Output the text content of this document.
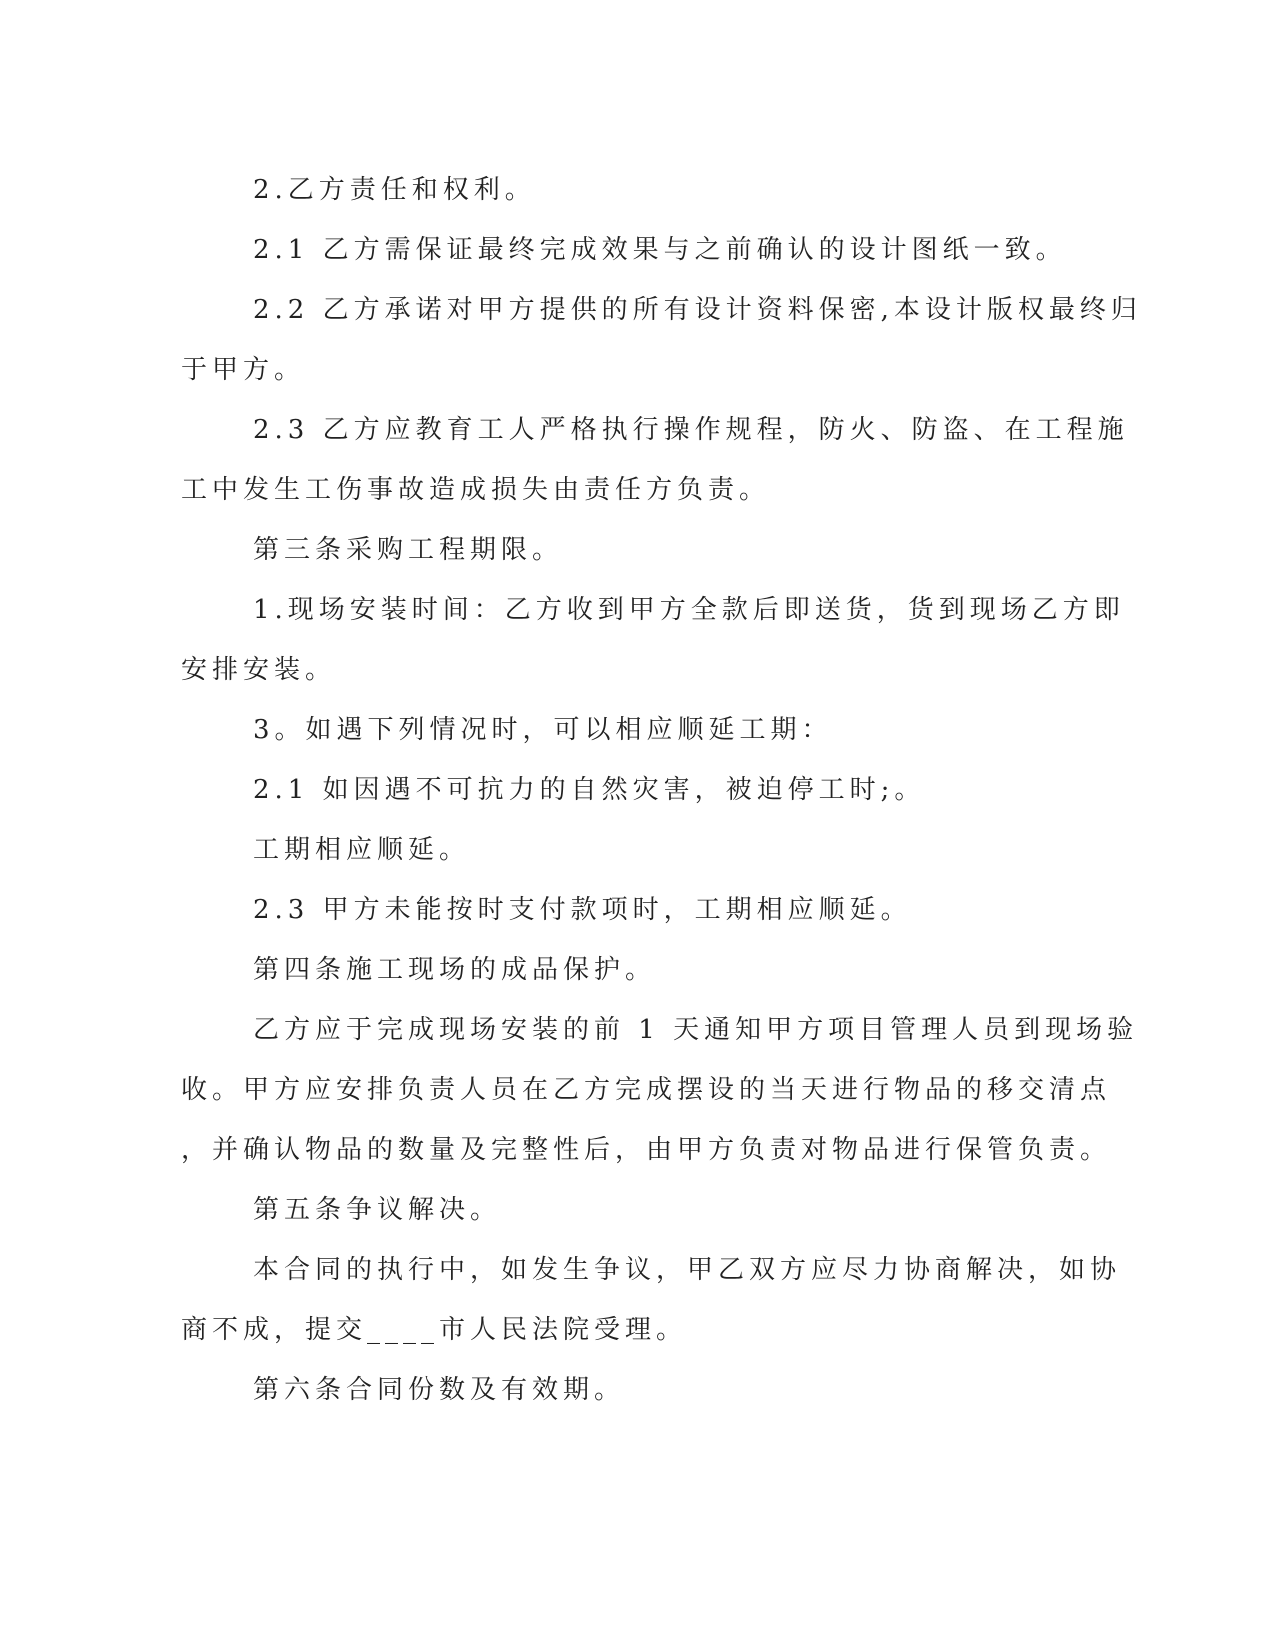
2.乙方责任和权利。
2.1 乙方需保证最终完成效果与之前确认的设计图纸一致。
2.2 乙方承诺对甲方提供的所有设计资料保密,本设计版权最终归
于甲方。
2.3 乙方应教育工人严格执行操作规程，防火、防盗、在工程施
工中发生工伤事故造成损失由责任方负责。
第三条采购工程期限。
1.现场安装时间：乙方收到甲方全款后即送货，货到现场乙方即
安排安装。
3。如遇下列情况时，可以相应顺延工期：
2.1 如因遇不可抗力的自然灾害，被迫停工时;。
工期相应顺延。
2.3 甲方未能按时支付款项时，工期相应顺延。
第四条施工现场的成品保护。
乙方应于完成现场安装的前 1 天通知甲方项目管理人员到现场验
收。甲方应安排负责人员在乙方完成摆设的当天进行物品的移交清点
，并确认物品的数量及完整性后，由甲方负责对物品进行保管负责。
第五条争议解决。
本合同的执行中，如发生争议，甲乙双方应尽力协商解决，如协
商不成，提交____市人民法院受理。
第六条合同份数及有效期。
